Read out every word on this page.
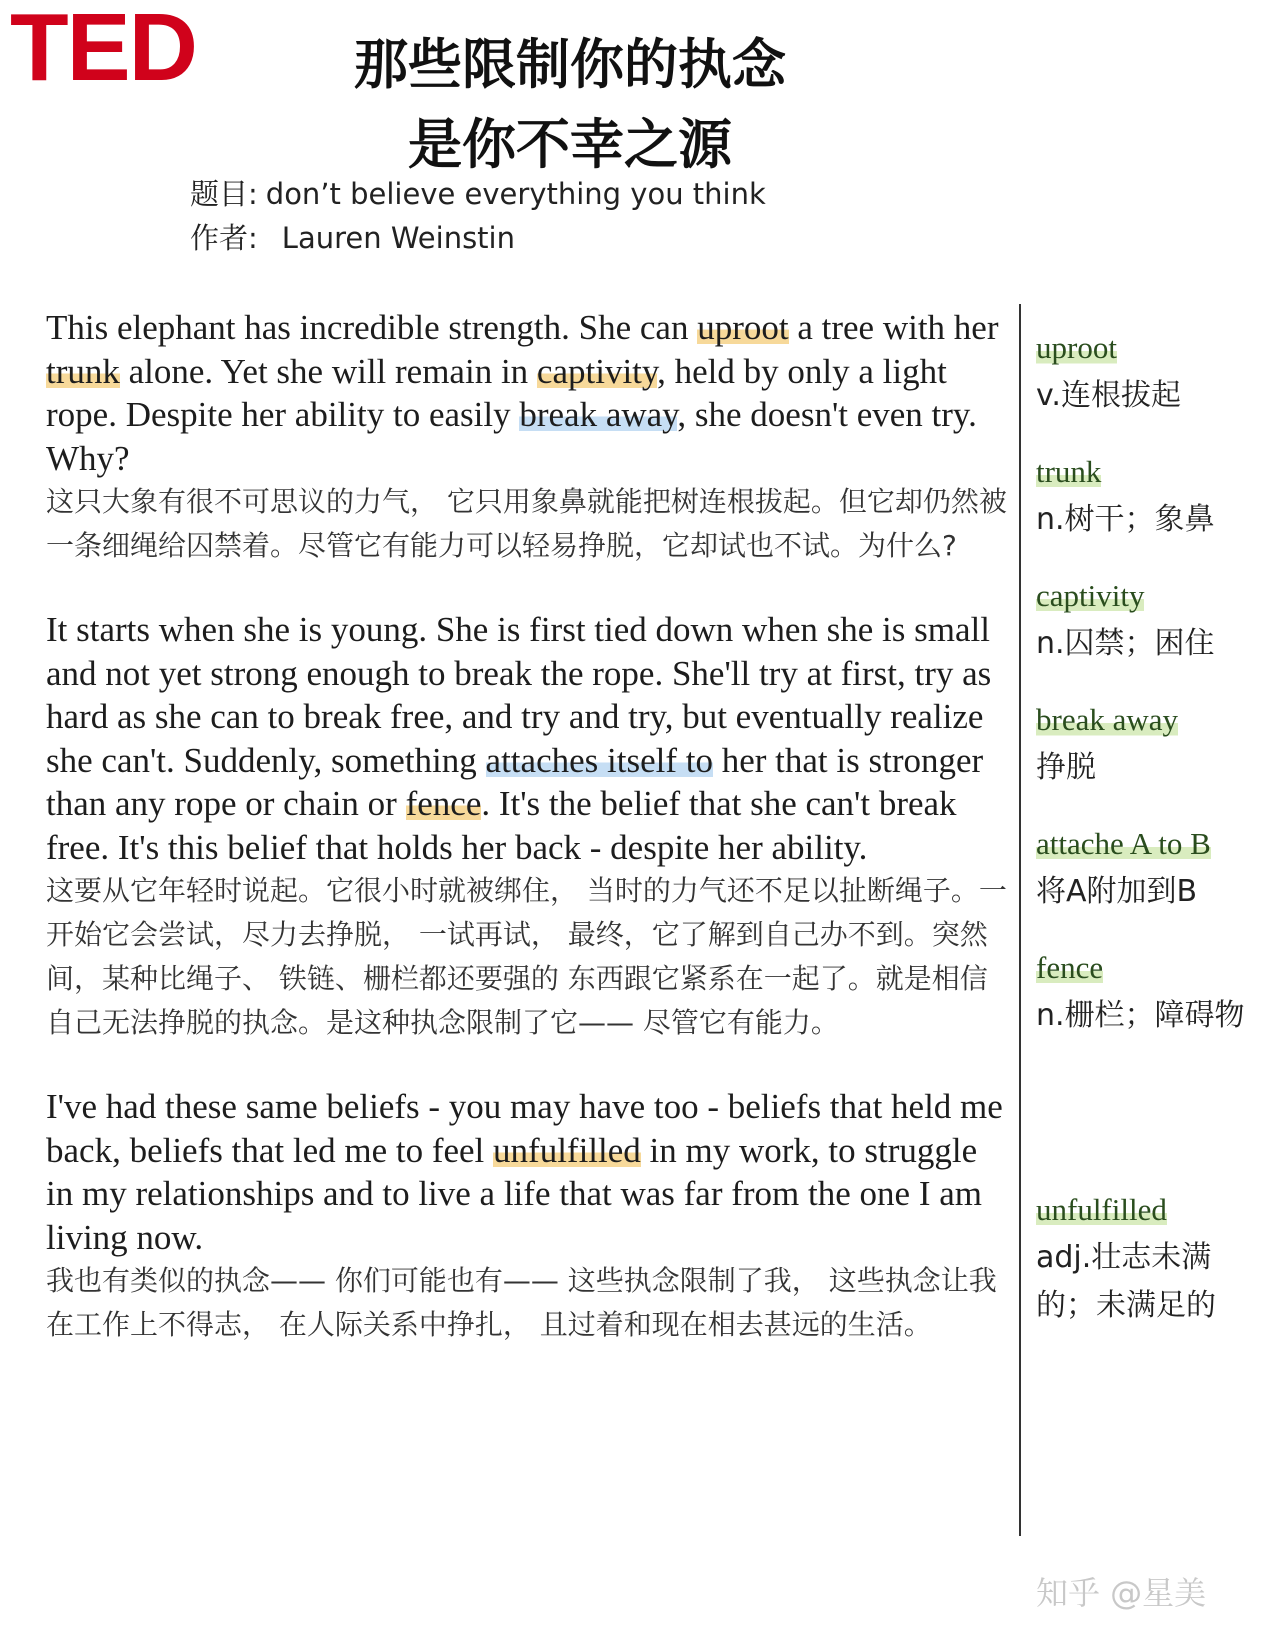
TED	那些限制你的执念
是你不幸之源
题目: don’t believe everything you think
作者: Lauren Weinstin

This elephant has incredible strength. She can uproot a tree with her trunk alone. Yet she will remain in captivity, held by only a light rope. Despite her ability to easily break away, she doesn't even try. Why?

这只大象有很不可思议的力气， 它只用象鼻就能把树连根拔起。但它却仍然被一条细绳给囚禁着。尽管它有能力可以轻易挣脱，它却试也不试。为什么?

It starts when she is young. She is first tied down when she is small and not yet strong enough to break the rope. She'll try at first, try as hard as she can to break free, and try and try, but eventually realize she can't. Suddenly, something attaches itself to her that is stronger than any rope or chain or fence. It's the belief that she can't break free. It's this belief that holds her back - despite her ability.

这要从它年轻时说起。它很小时就被绑住， 当时的力气还不足以扯断绳子。一开始它会尝试，尽力去挣脱， 一试再试， 最终，它了解到自己办不到。突然间，某种比绳子、 铁链、栅栏都还要强的 东西跟它紧系在一起了。就是相信自己无法挣脱的执念。是这种执念限制了它—— 尽管它有能力。

I've had these same beliefs - you may have too - beliefs that held me back, beliefs that led me to feel unfulfilled in my work, to struggle in my relationships and to live a life that was far from the one I am living now.

我也有类似的执念—— 你们可能也有—— 这些执念限制了我， 这些执念让我在工作上不得志， 在人际关系中挣扎， 且过着和现在相去甚远的生活。

uproot
v.连根拔起
trunk
n.树干；象鼻
captivity
n.囚禁；困住
break away
挣脱
attache A to B
将A附加到B
fence
n.栅栏；障碍物
unfulfilled
adj.壮志未满的；未满足的
知乎 @星美
